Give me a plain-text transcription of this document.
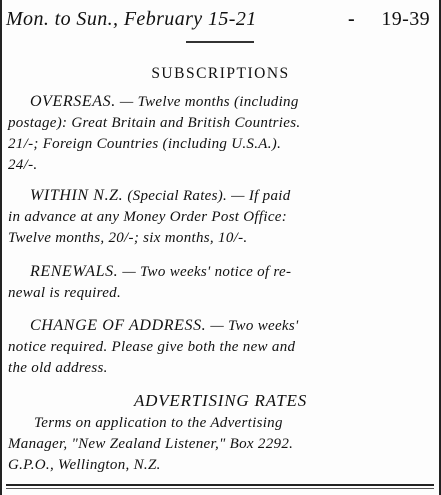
Mon. to Sun., February 15-21	- 19-39
SUBSCRIPTIONS
OVERSEAS. — Twelve months (including
postage): Great Britain and British Countries.
21/-; Foreign Countries (including U.S.A.).
24/-.
WITHIN N.Z. (Special Rates). — If paid
in advance at any Money Order Post Office:
Twelve months, 20/-; six months, 10/-.
RENEWALS. — Two weeks' notice of re-
newal is required.
CHANGE OF ADDRESS. — Two weeks'
notice required. Please give both the new and
the old address.
ADVERTISING RATES
Terms on application to the Advertising
Manager, "New Zealand Listener," Box 2292.
G.P.O., Wellington, N.Z.
